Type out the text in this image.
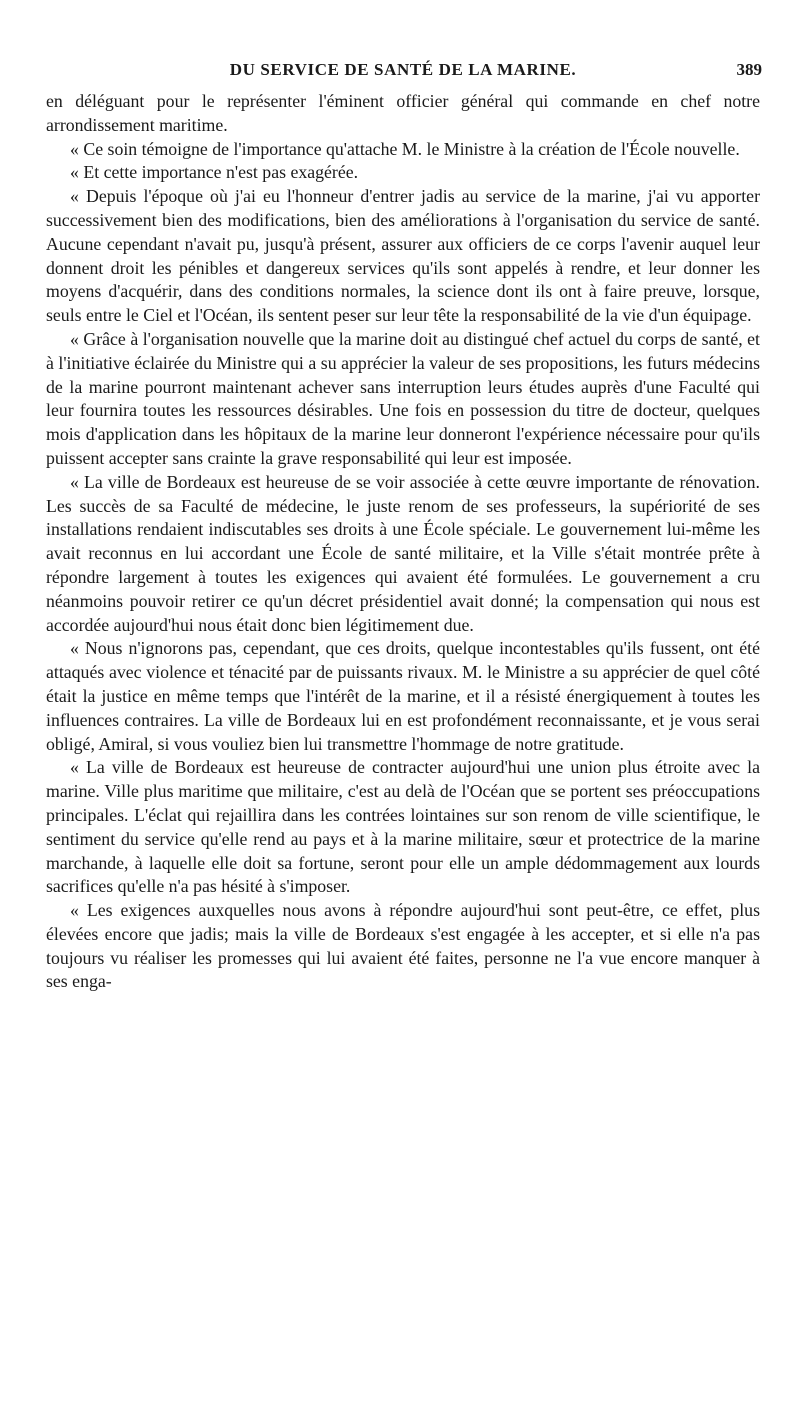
DU SERVICE DE SANTÉ DE LA MARINE.	389

en déléguant pour le représenter l'éminent officier général qui commande en chef notre arrondissement maritime.

« Ce soin témoigne de l'importance qu'attache M. le Ministre à la création de l'École nouvelle.

« Et cette importance n'est pas exagérée.

« Depuis l'époque où j'ai eu l'honneur d'entrer jadis au service de la marine, j'ai vu apporter successivement bien des modifications, bien des améliorations à l'organisation du service de santé. Aucune cependant n'avait pu, jusqu'à présent, assurer aux officiers de ce corps l'avenir auquel leur donnent droit les pénibles et dangereux services qu'ils sont appelés à rendre, et leur donner les moyens d'acquérir, dans des conditions normales, la science dont ils ont à faire preuve, lorsque, seuls entre le Ciel et l'Océan, ils sentent peser sur leur tête la responsabilité de la vie d'un équipage.

« Grâce à l'organisation nouvelle que la marine doit au distingué chef actuel du corps de santé, et à l'initiative éclairée du Ministre qui a su apprécier la valeur de ses propositions, les futurs médecins de la marine pourront maintenant achever sans interruption leurs études auprès d'une Faculté qui leur fournira toutes les ressources désirables. Une fois en possession du titre de docteur, quelques mois d'application dans les hôpitaux de la marine leur donneront l'expérience nécessaire pour qu'ils puissent accepter sans crainte la grave responsabilité qui leur est imposée.

« La ville de Bordeaux est heureuse de se voir associée à cette œuvre importante de rénovation. Les succès de sa Faculté de médecine, le juste renom de ses professeurs, la supériorité de ses installations rendaient indiscutables ses droits à une École spéciale. Le gouvernement lui-même les avait reconnus en lui accordant une École de santé militaire, et la Ville s'était montrée prête à répondre largement à toutes les exigences qui avaient été formulées. Le gouvernement a cru néanmoins pouvoir retirer ce qu'un décret présidentiel avait donné; la compensation qui nous est accordée aujourd'hui nous était donc bien légitimement due.

« Nous n'ignorons pas, cependant, que ces droits, quelque incontestables qu'ils fussent, ont été attaqués avec violence et ténacité par de puissants rivaux. M. le Ministre a su apprécier de quel côté était la justice en même temps que l'intérêt de la marine, et il a résisté énergiquement à toutes les influences contraires. La ville de Bordeaux lui en est profondément reconnaissante, et je vous serai obligé, Amiral, si vous vouliez bien lui transmettre l'hommage de notre gratitude.

« La ville de Bordeaux est heureuse de contracter aujourd'hui une union plus étroite avec la marine. Ville plus maritime que militaire, c'est au delà de l'Océan que se portent ses préoccupations principales. L'éclat qui rejaillira dans les contrées lointaines sur son renom de ville scientifique, le sentiment du service qu'elle rend au pays et à la marine militaire, sœur et protectrice de la marine marchande, à laquelle elle doit sa fortune, seront pour elle un ample dédommagement aux lourds sacrifices qu'elle n'a pas hésité à s'imposer.

« Les exigences auxquelles nous avons à répondre aujourd'hui sont peut-être, ce effet, plus élevées encore que jadis; mais la ville de Bordeaux s'est engagée à les accepter, et si elle n'a pas toujours vu réaliser les promesses qui lui avaient été faites, personne ne l'a vue encore manquer à ses enga-
